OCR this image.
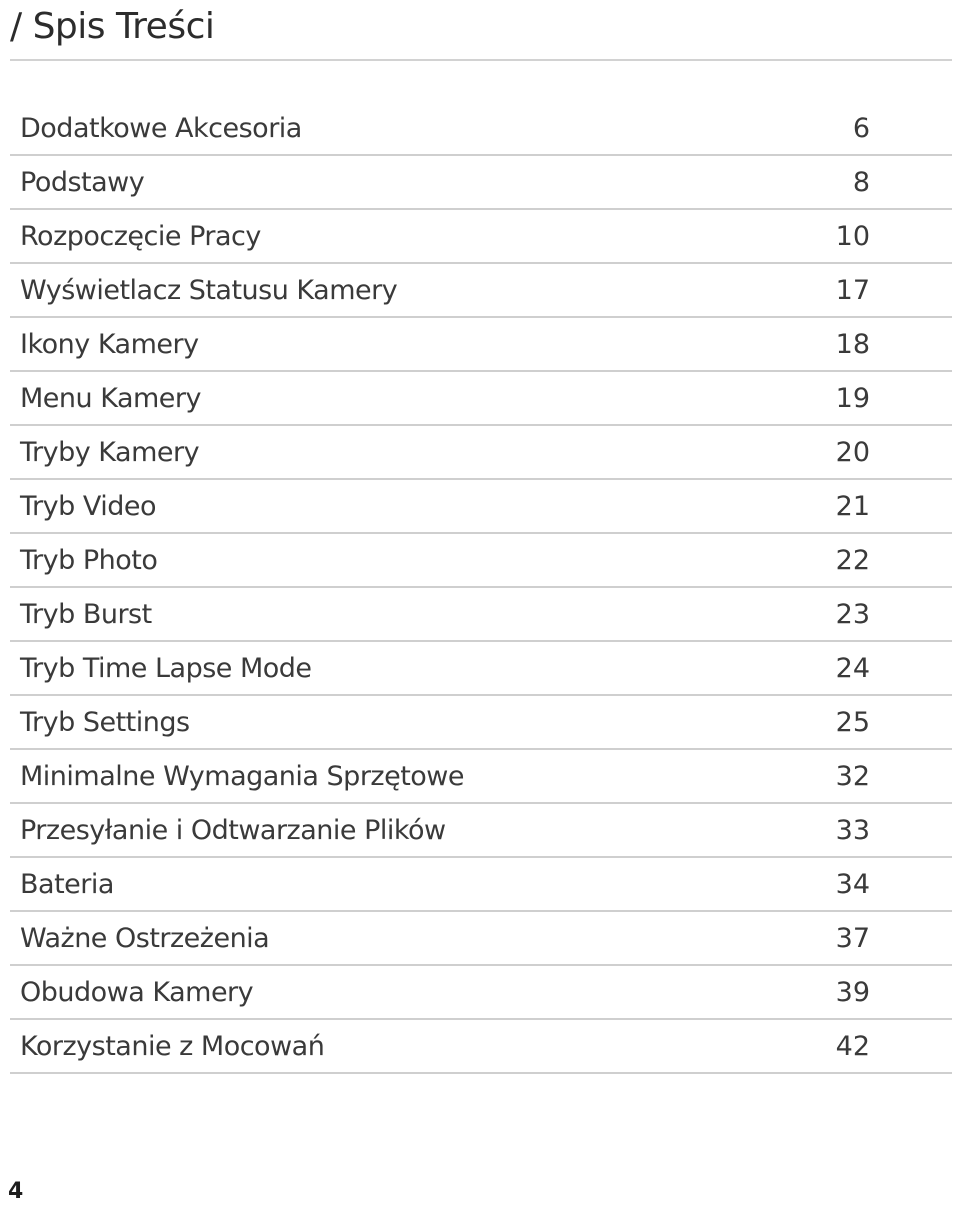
/ Spis Treści
Dodatkowe Akcesoria	6
Podstawy	8
Rozpoczęcie Pracy	10
Wyświetlacz Statusu Kamery	17
Ikony Kamery	18
Menu Kamery	19
Tryby Kamery	20
Tryb Video	21
Tryb Photo	22
Tryb Burst	23
Tryb Time Lapse Mode	24
Tryb Settings	25
Minimalne Wymagania Sprzętowe	32
Przesyłanie i Odtwarzanie Plików	33
Bateria	34
Ważne Ostrzeżenia	37
Obudowa Kamery	39
Korzystanie z Mocowań	42
4
